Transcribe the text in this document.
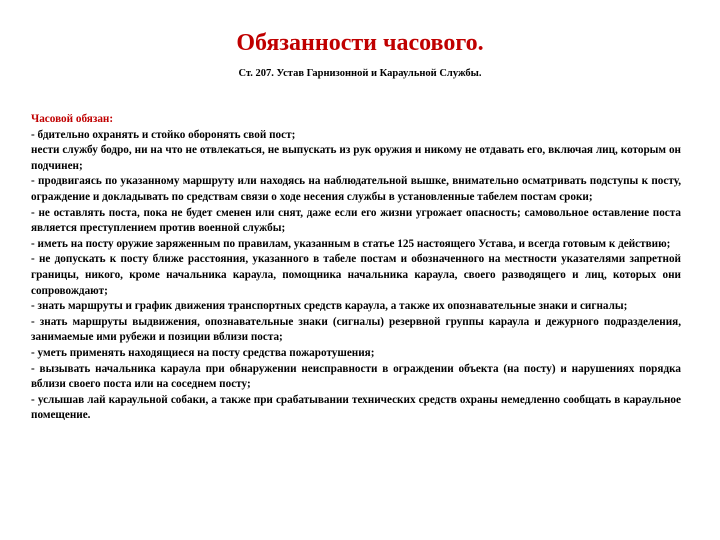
Обязанности часового.
Ст. 207. Устав Гарнизонной и Караульной Службы.
Часовой обязан:
- бдительно охранять и стойко оборонять свой пост;
нести службу бодро, ни на что не отвлекаться, не выпускать из рук оружия и никому не отдавать его, включая лиц, которым он подчинен;
- продвигаясь по указанному маршруту или находясь на наблюдательной вышке, внимательно осматривать подступы к посту, ограждение и докладывать по средствам связи о ходе несения службы в установленные табелем постам сроки;
- не оставлять поста, пока не будет сменен или снят, даже если его жизни угрожает опасность; самовольное оставление поста является преступлением против военной службы;
- иметь на посту оружие заряженным по правилам, указанным в статье 125 настоящего Устава, и всегда готовым к действию;
- не допускать к посту ближе расстояния, указанного в табеле постам и обозначенного на местности указателями запретной границы, никого, кроме начальника караула, помощника начальника караула, своего разводящего и лиц, которых они сопровождают;
- знать маршруты и график движения транспортных средств караула, а также их опознавательные знаки и сигналы;
- знать маршруты выдвижения, опознавательные знаки (сигналы) резервной группы караула и дежурного подразделения, занимаемые ими рубежи и позиции вблизи поста;
- уметь применять находящиеся на посту средства пожаротушения;
- вызывать начальника караула при обнаружении неисправности в ограждении объекта (на посту) и нарушениях порядка вблизи своего поста или на соседнем посту;
- услышав лай караульной собаки, а также при срабатывании технических средств охраны немедленно сообщать в караульное помещение.
